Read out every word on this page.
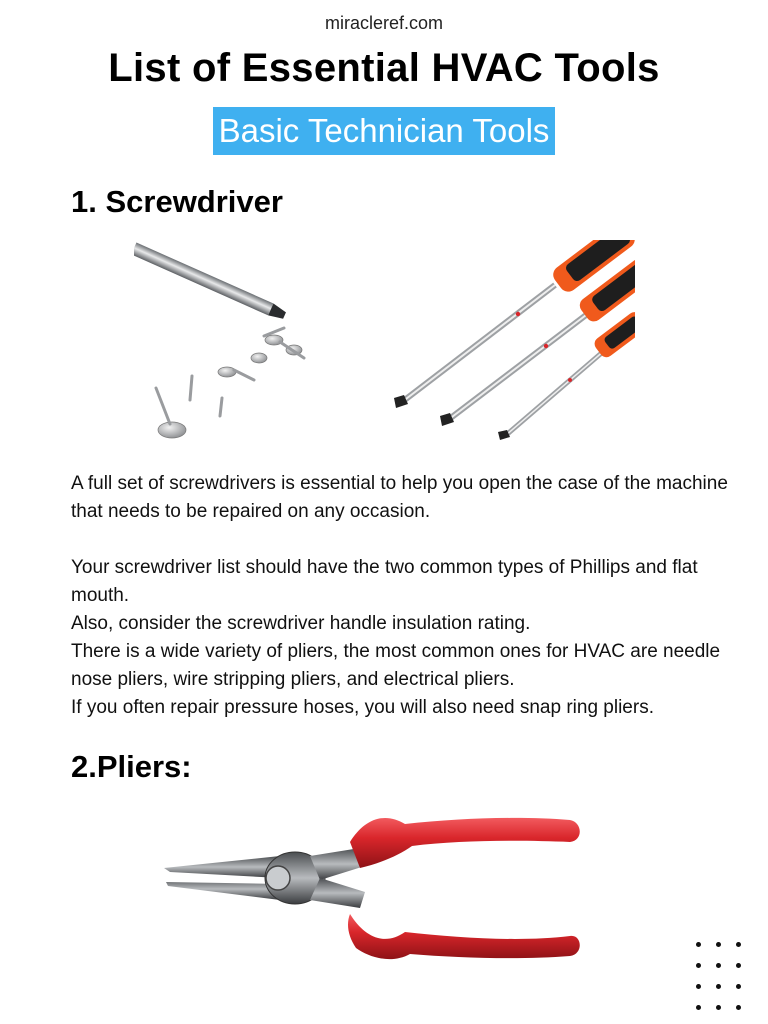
miracleref.com
List of Essential HVAC Tools
Basic Technician Tools
1. Screwdriver

A full set of screwdrivers is essential to help you open the case of the machine that needs to be repaired on any occasion.

Your screwdriver list should have the two common types of Phillips and flat mouth.

Also, consider the screwdriver handle insulation rating.

There is a wide variety of pliers, the most common ones for HVAC are needle nose pliers, wire stripping pliers, and electrical pliers.

If you often repair pressure hoses, you will also need snap ring pliers.

2.Pliers:
